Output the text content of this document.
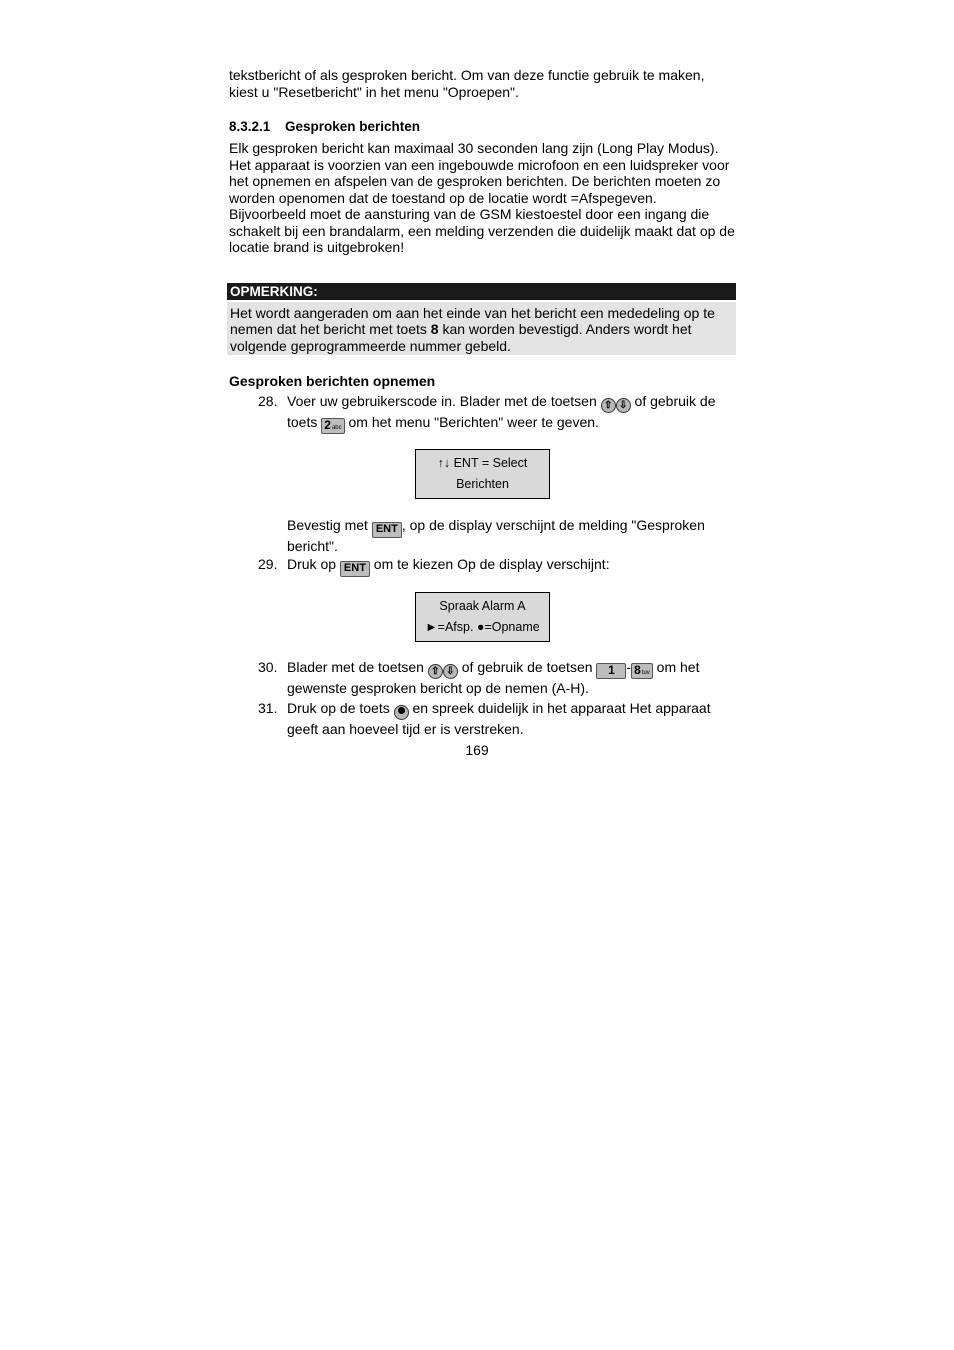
tekstbericht of als gesproken bericht. Om van deze functie gebruik te maken, kiest u "Resetbericht" in het menu "Oproepen".

8.3.2.1 Gesproken berichten

Elk gesproken bericht kan maximaal 30 seconden lang zijn (Long Play Modus). Het apparaat is voorzien van een ingebouwde microfoon en een luidspreker voor het opnemen en afspelen van de gesproken berichten. De berichten moeten zo worden openomen dat de toestand op de locatie wordt =Afspegeven. Bijvoorbeeld moet de aansturing van de GSM kiestoestel door een ingang die schakelt bij een brandalarm, een melding verzenden die duidelijk maakt dat op de locatie brand is uitgebroken!

OPMERKING:
Het wordt aangeraden om aan het einde van het bericht een mededeling op te nemen dat het bericht met toets 8 kan worden bevestigd. Anders wordt het volgende geprogrammeerde nummer gebeld.

Gesproken berichten opnemen

28. Voer uw gebruikerscode in. Blader met de toetsen ⇧ ⇩ of gebruik de toets 2abc om het menu "Berichten" weer te geven.
↑↓ ENT = Select
Berichten
Bevestig met ENT , op de display verschijnt de melding "Gesproken bericht".
29. Druk op ENT om te kiezen Op de display verschijnt:
Spraak Alarm A
►=Afsp. ●=Opname
30. Blader met de toetsen ⇧ ⇩ of gebruik de toetsen 1 - 8tuv om het gewenste gesproken bericht op de nemen (A-H).
31. Druk op de toets  en spreek duidelijk in het apparaat Het apparaat geeft aan hoeveel tijd er is verstreken.
169
